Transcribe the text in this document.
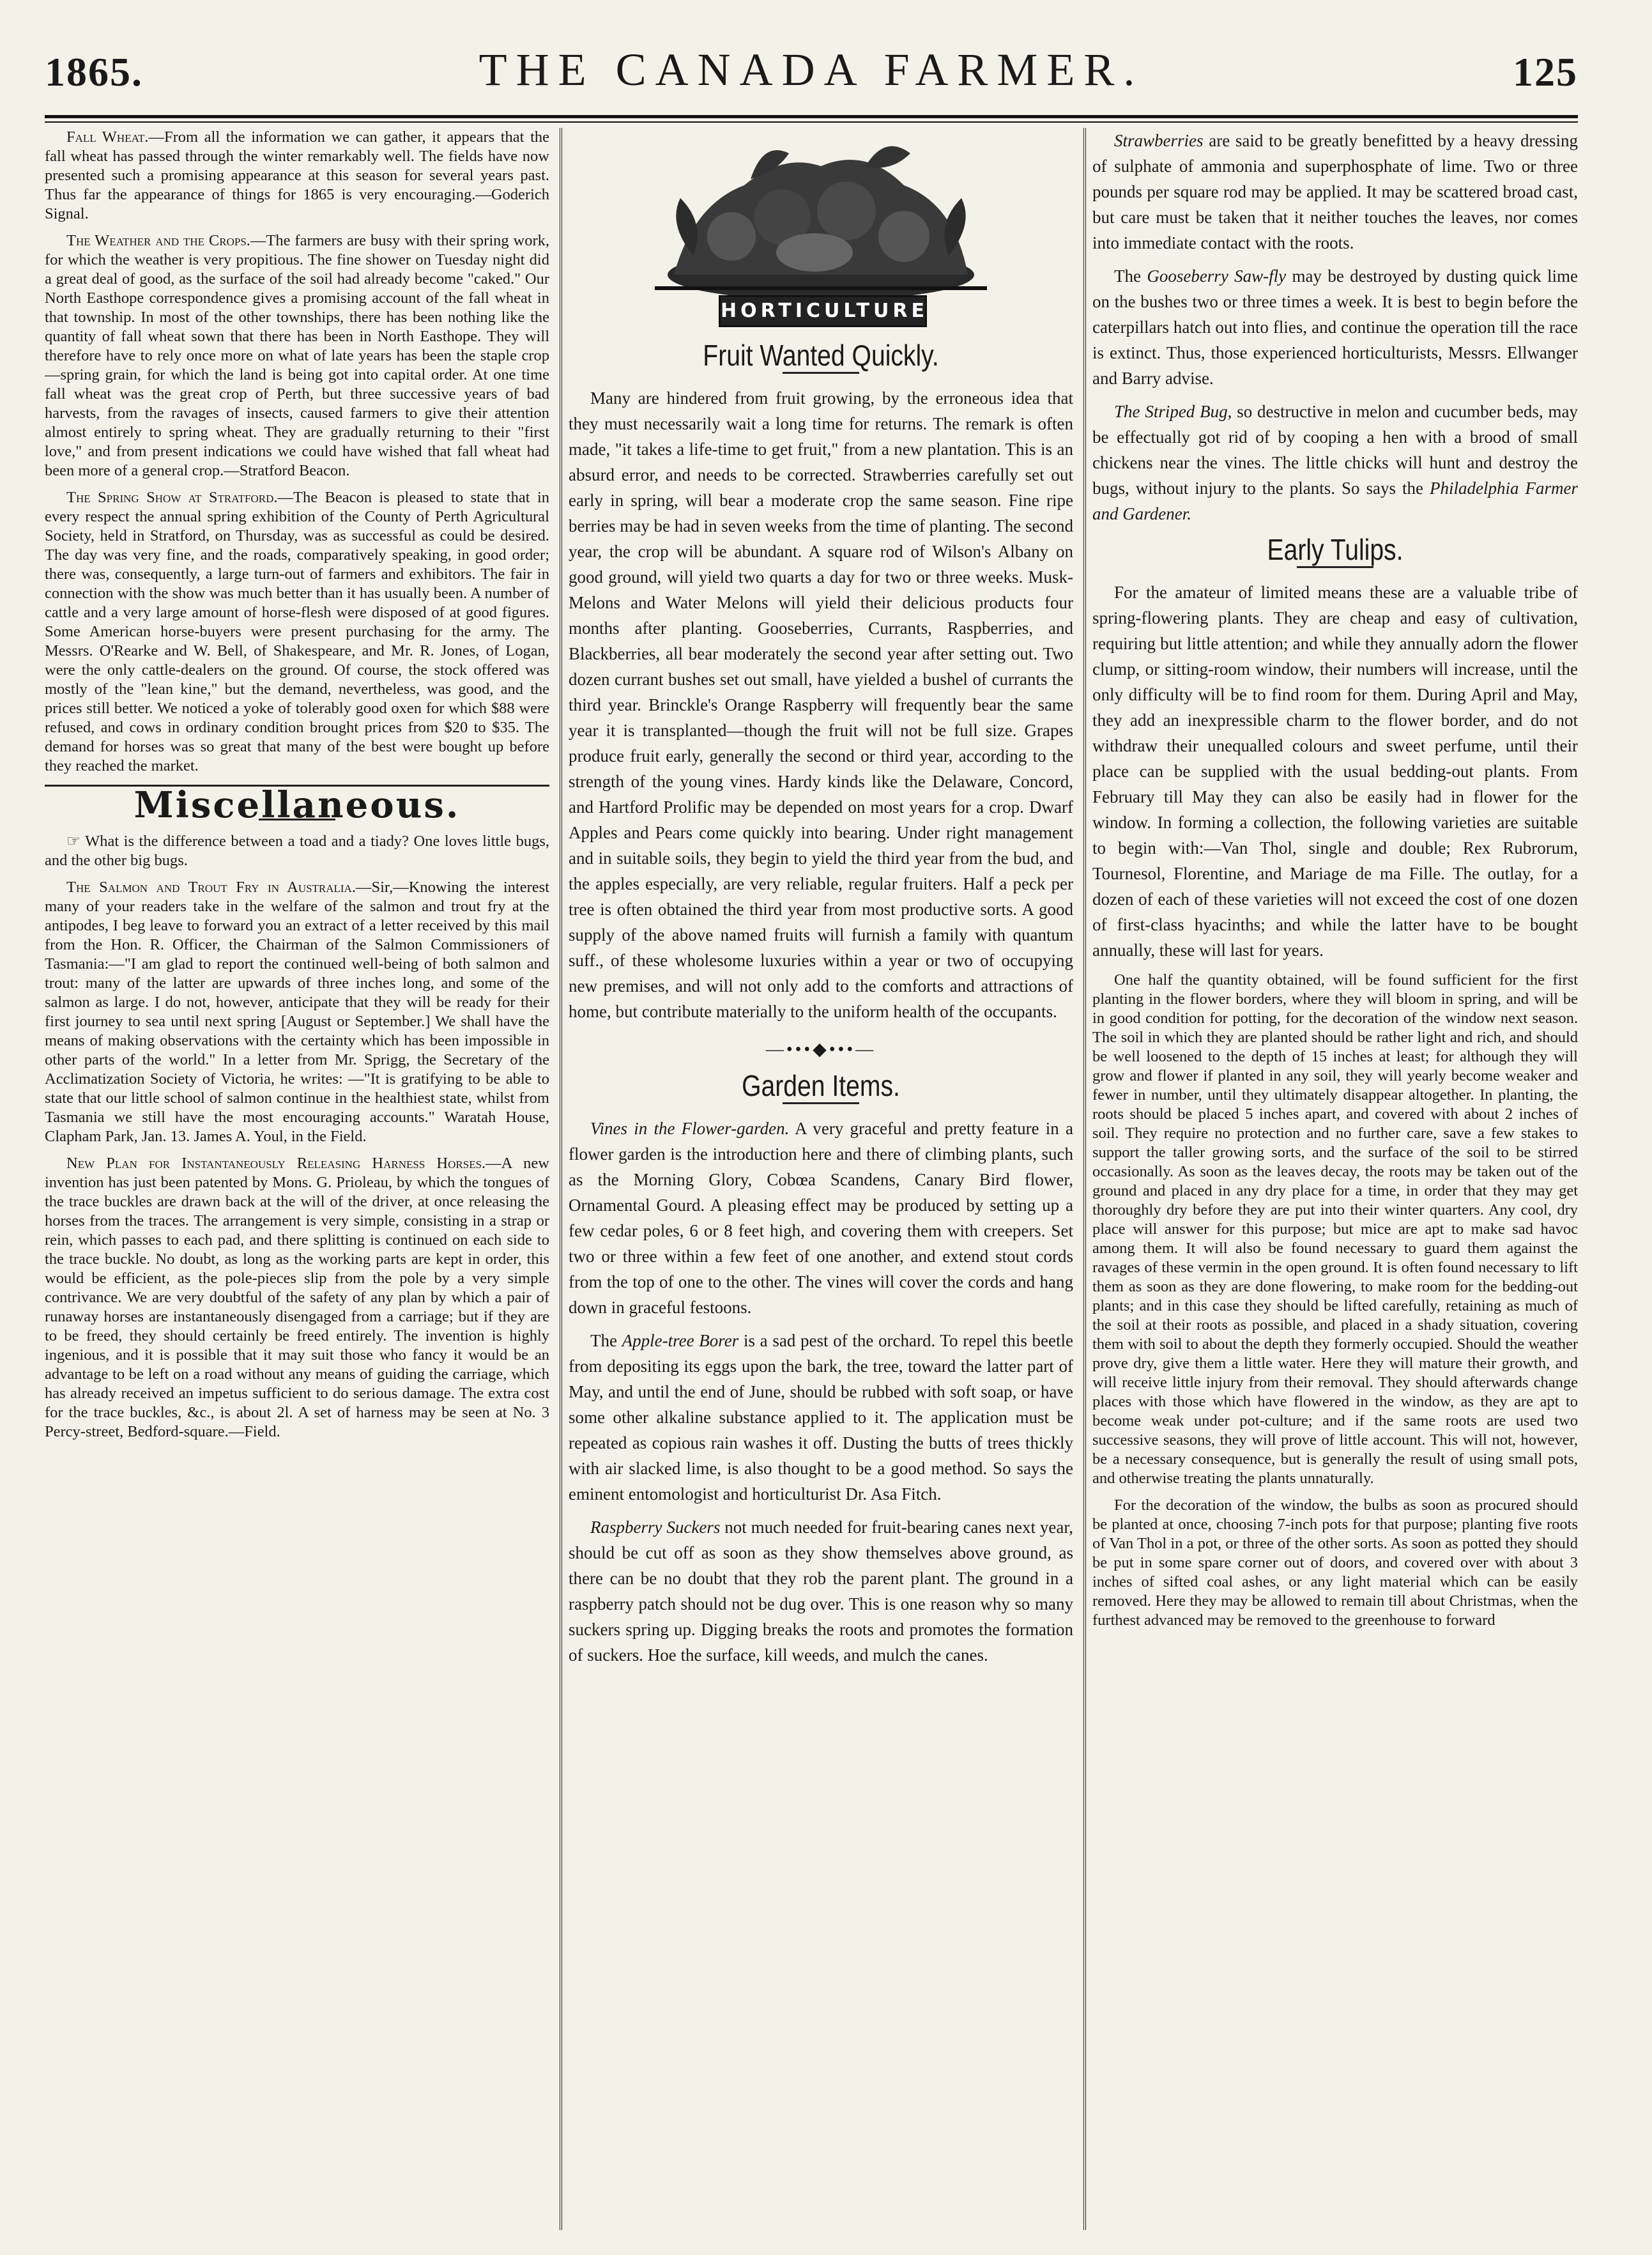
1865.	THE CANADA FARMER.	125

Fall Wheat.—From all the information we can gather, it appears that the fall wheat has passed through the winter remarkably well. The fields have now presented such a promising appearance at this season for several years past. Thus far the appearance of things for 1865 is very encouraging.—Goderich Signal.

The Weather and the Crops.—The farmers are busy with their spring work, for which the weather is very propitious. The fine shower on Tuesday night did a great deal of good, as the surface of the soil had already become "caked." Our North Easthope correspondence gives a promising account of the fall wheat in that township. In most of the other townships, there has been nothing like the quantity of fall wheat sown that there has been in North Easthope. They will therefore have to rely once more on what of late years has been the staple crop—spring grain, for which the land is being got into capital order. At one time fall wheat was the great crop of Perth, but three successive years of bad harvests, from the ravages of insects, caused farmers to give their attention almost entirely to spring wheat. They are gradually returning to their "first love," and from present indications we could have wished that fall wheat had been more of a general crop.—Stratford Beacon.

The Spring Show at Stratford.—The Beacon is pleased to state that in every respect the annual spring exhibition of the County of Perth Agricultural Society, held in Stratford, on Thursday, was as successful as could be desired. The day was very fine, and the roads, comparatively speaking, in good order; there was, consequently, a large turn-out of farmers and exhibitors. The fair in connection with the show was much better than it has usually been. A number of cattle and a very large amount of horse-flesh were disposed of at good figures. Some American horse-buyers were present purchasing for the army. The Messrs. O'Rearke and W. Bell, of Shakespeare, and Mr. R. Jones, of Logan, were the only cattle-dealers on the ground. Of course, the stock offered was mostly of the "lean kine," but the demand, nevertheless, was good, and the prices still better. We noticed a yoke of tolerably good oxen for which $88 were refused, and cows in ordinary condition brought prices from $20 to $35. The demand for horses was so great that many of the best were bought up before they reached the market.

Miscellaneous.

☞ What is the difference between a toad and a tiady? One loves little bugs, and the other big bugs.

The Salmon and Trout Fry in Australia.—Sir,—Knowing the interest many of your readers take in the welfare of the salmon and trout fry at the antipodes, I beg leave to forward you an extract of a letter received by this mail from the Hon. R. Officer, the Chairman of the Salmon Commissioners of Tasmania:—"I am glad to report the continued well-being of both salmon and trout: many of the latter are upwards of three inches long, and some of the salmon as large. I do not, however, anticipate that they will be ready for their first journey to sea until next spring [August or September.] We shall have the means of making observations with the certainty which has been impossible in other parts of the world." In a letter from Mr. Sprigg, the Secretary of the Acclimatization Society of Victoria, he writes: —"It is gratifying to be able to state that our little school of salmon continue in the healthiest state, whilst from Tasmania we still have the most encouraging accounts." Waratah House, Clapham Park, Jan. 13. James A. Youl, in the Field.

New Plan for Instantaneously Releasing Harness Horses.—A new invention has just been patented by Mons. G. Prioleau, by which the tongues of the trace buckles are drawn back at the will of the driver, at once releasing the horses from the traces. The arrangement is very simple, consisting in a strap or rein, which passes to each pad, and there splitting is continued on each side to the trace buckle. No doubt, as long as the working parts are kept in order, this would be efficient, as the pole-pieces slip from the pole by a very simple contrivance. We are very doubtful of the safety of any plan by which a pair of runaway horses are instantaneously disengaged from a carriage; but if they are to be freed, they should certainly be freed entirely. The invention is highly ingenious, and it is possible that it may suit those who fancy it would be an advantage to be left on a road without any means of guiding the carriage, which has already received an impetus sufficient to do serious damage. The extra cost for the trace buckles, &c., is about 2l. A set of harness may be seen at No. 3 Percy-street, Bedford-square.—Field.

HORTICULTURE
Fruit Wanted Quickly.

Many are hindered from fruit growing, by the erroneous idea that they must necessarily wait a long time for returns. The remark is often made, "it takes a life-time to get fruit," from a new plantation. This is an absurd error, and needs to be corrected. Strawberries carefully set out early in spring, will bear a moderate crop the same season. Fine ripe berries may be had in seven weeks from the time of planting. The second year, the crop will be abundant. A square rod of Wilson's Albany on good ground, will yield two quarts a day for two or three weeks. Musk-Melons and Water Melons will yield their delicious products four months after planting. Gooseberries, Currants, Raspberries, and Blackberries, all bear moderately the second year after setting out. Two dozen currant bushes set out small, have yielded a bushel of currants the third year. Brinckle's Orange Raspberry will frequently bear the same year it is transplanted—though the fruit will not be full size. Grapes produce fruit early, generally the second or third year, according to the strength of the young vines. Hardy kinds like the Delaware, Concord, and Hartford Prolific may be depended on most years for a crop. Dwarf Apples and Pears come quickly into bearing. Under right management and in suitable soils, they begin to yield the third year from the bud, and the apples especially, are very reliable, regular fruiters. Half a peck per tree is often obtained the third year from most productive sorts. A good supply of the above named fruits will furnish a family with quantum suff., of these wholesome luxuries within a year or two of occupying new premises, and will not only add to the comforts and attractions of home, but contribute materially to the uniform health of the occupants.

—•••◆•••—
Garden Items.

Vines in the Flower-garden. A very graceful and pretty feature in a flower garden is the introduction here and there of climbing plants, such as the Morning Glory, Cobœa Scandens, Canary Bird flower, Ornamental Gourd. A pleasing effect may be produced by setting up a few cedar poles, 6 or 8 feet high, and covering them with creepers. Set two or three within a few feet of one another, and extend stout cords from the top of one to the other. The vines will cover the cords and hang down in graceful festoons.

The Apple-tree Borer is a sad pest of the orchard. To repel this beetle from depositing its eggs upon the bark, the tree, toward the latter part of May, and until the end of June, should be rubbed with soft soap, or have some other alkaline substance applied to it. The application must be repeated as copious rain washes it off. Dusting the butts of trees thickly with air slacked lime, is also thought to be a good method. So says the eminent entomologist and horticulturist Dr. Asa Fitch.

Raspberry Suckers not much needed for fruit-bearing canes next year, should be cut off as soon as they show themselves above ground, as there can be no doubt that they rob the parent plant. The ground in a raspberry patch should not be dug over. This is one reason why so many suckers spring up. Digging breaks the roots and promotes the formation of suckers. Hoe the surface, kill weeds, and mulch the canes.

Strawberries are said to be greatly benefitted by a heavy dressing of sulphate of ammonia and superphosphate of lime. Two or three pounds per square rod may be applied. It may be scattered broad cast, but care must be taken that it neither touches the leaves, nor comes into immediate contact with the roots.

The Gooseberry Saw-fly may be destroyed by dusting quick lime on the bushes two or three times a week. It is best to begin before the caterpillars hatch out into flies, and continue the operation till the race is extinct. Thus, those experienced horticulturists, Messrs. Ellwanger and Barry advise.

The Striped Bug, so destructive in melon and cucumber beds, may be effectually got rid of by cooping a hen with a brood of small chickens near the vines. The little chicks will hunt and destroy the bugs, without injury to the plants. So says the Philadelphia Farmer and Gardener.

Early Tulips.

For the amateur of limited means these are a valuable tribe of spring-flowering plants. They are cheap and easy of cultivation, requiring but little attention; and while they annually adorn the flower clump, or sitting-room window, their numbers will increase, until the only difficulty will be to find room for them. During April and May, they add an inexpressible charm to the flower border, and do not withdraw their unequalled colours and sweet perfume, until their place can be supplied with the usual bedding-out plants. From February till May they can also be easily had in flower for the window. In forming a collection, the following varieties are suitable to begin with:—Van Thol, single and double; Rex Rubrorum, Tournesol, Florentine, and Mariage de ma Fille. The outlay, for a dozen of each of these varieties will not exceed the cost of one dozen of first-class hyacinths; and while the latter have to be bought annually, these will last for years.

One half the quantity obtained, will be found sufficient for the first planting in the flower borders, where they will bloom in spring, and will be in good condition for potting, for the decoration of the window next season. The soil in which they are planted should be rather light and rich, and should be well loosened to the depth of 15 inches at least; for although they will grow and flower if planted in any soil, they will yearly become weaker and fewer in number, until they ultimately disappear altogether. In planting, the roots should be placed 5 inches apart, and covered with about 2 inches of soil. They require no protection and no further care, save a few stakes to support the taller growing sorts, and the surface of the soil to be stirred occasionally. As soon as the leaves decay, the roots may be taken out of the ground and placed in any dry place for a time, in order that they may get thoroughly dry before they are put into their winter quarters. Any cool, dry place will answer for this purpose; but mice are apt to make sad havoc among them. It will also be found necessary to guard them against the ravages of these vermin in the open ground. It is often found necessary to lift them as soon as they are done flowering, to make room for the bedding-out plants; and in this case they should be lifted carefully, retaining as much of the soil at their roots as possible, and placed in a shady situation, covering them with soil to about the depth they formerly occupied. Should the weather prove dry, give them a little water. Here they will mature their growth, and will receive little injury from their removal. They should afterwards change places with those which have flowered in the window, as they are apt to become weak under pot-culture; and if the same roots are used two successive seasons, they will prove of little account. This will not, however, be a necessary consequence, but is generally the result of using small pots, and otherwise treating the plants unnaturally.

For the decoration of the window, the bulbs as soon as procured should be planted at once, choosing 7-inch pots for that purpose; planting five roots of Van Thol in a pot, or three of the other sorts. As soon as potted they should be put in some spare corner out of doors, and covered over with about 3 inches of sifted coal ashes, or any light material which can be easily removed. Here they may be allowed to remain till about Christmas, when the furthest advanced may be removed to the greenhouse to forward
